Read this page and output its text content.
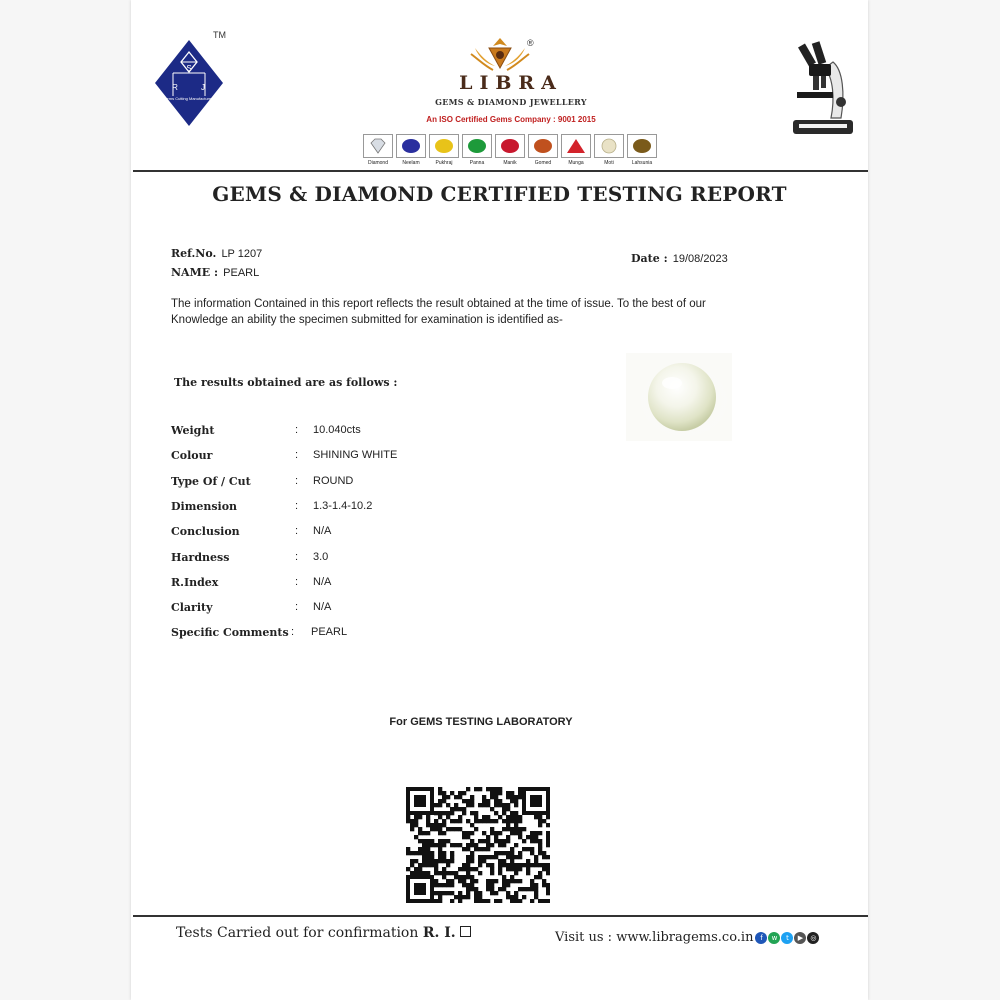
S
R	J
Gems Cutting Manufacturers
TM
®
LIBRA
GEMS & DIAMOND JEWELLERY
An ISO Certified Gems Company : 9001 2015
Diamond	Neelam	Pukhraj	Panna	Manik	Gomed	Munga	Moti	Lahsunia
GEMS & DIAMOND CERTIFIED TESTING REPORT
Ref.No. LP 1207
NAME : PEARL
Date : 19/08/2023
The information Contained in this report reflects the result obtained at the time of issue. To the best of our
Knowledge an ability the specimen submitted for examination is identified as-
The results obtained are as follows :
Weight	: 10.040cts
Colour	: SHINING WHITE
Type Of / Cut	: ROUND
Dimension	: 1.3-1.4-10.2
Conclusion	: N/A
Hardness	: 3.0
R.Index	: N/A
Clarity	: N/A
Specific Comments : PEARL
For GEMS TESTING LABORATORY
Tests Carried out for confirmation R. I.	Visit us : www.libragems.co.in f	w	t	▶	◎
